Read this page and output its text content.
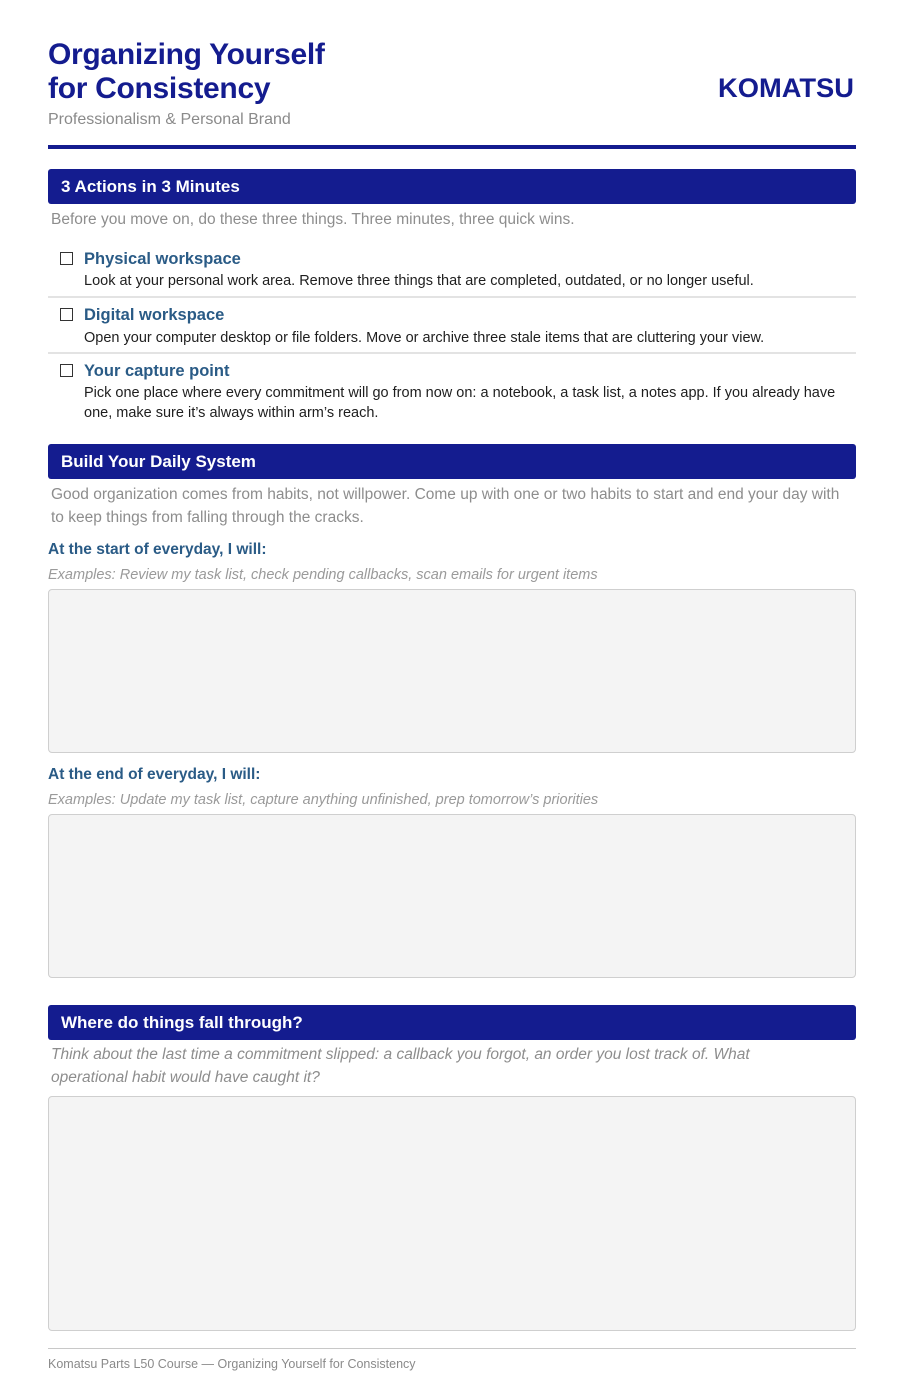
Organizing Yourself
for Consistency
Professionalism & Personal Brand
KOMATSU
3 Actions in 3 Minutes
Before you move on, do these three things. Three minutes, three quick wins.
Physical workspace
Look at your personal work area. Remove three things that are completed, outdated, or no longer useful.
Digital workspace
Open your computer desktop or file folders. Move or archive three stale items that are cluttering your view.
Your capture point
Pick one place where every commitment will go from now on: a notebook, a task list, a notes app. If you already have one, make sure it’s always within arm’s reach.
Build Your Daily System
Good organization comes from habits, not willpower. Come up with one or two habits to start and end your day with to keep things from falling through the cracks.
At the start of everyday, I will:
Examples: Review my task list, check pending callbacks, scan emails for urgent items
At the end of everyday, I will:
Examples: Update my task list, capture anything unfinished, prep tomorrow’s priorities
Where do things fall through?
Think about the last time a commitment slipped: a callback you forgot, an order you lost track of. What operational habit would have caught it?
Komatsu Parts L50 Course — Organizing Yourself for Consistency
